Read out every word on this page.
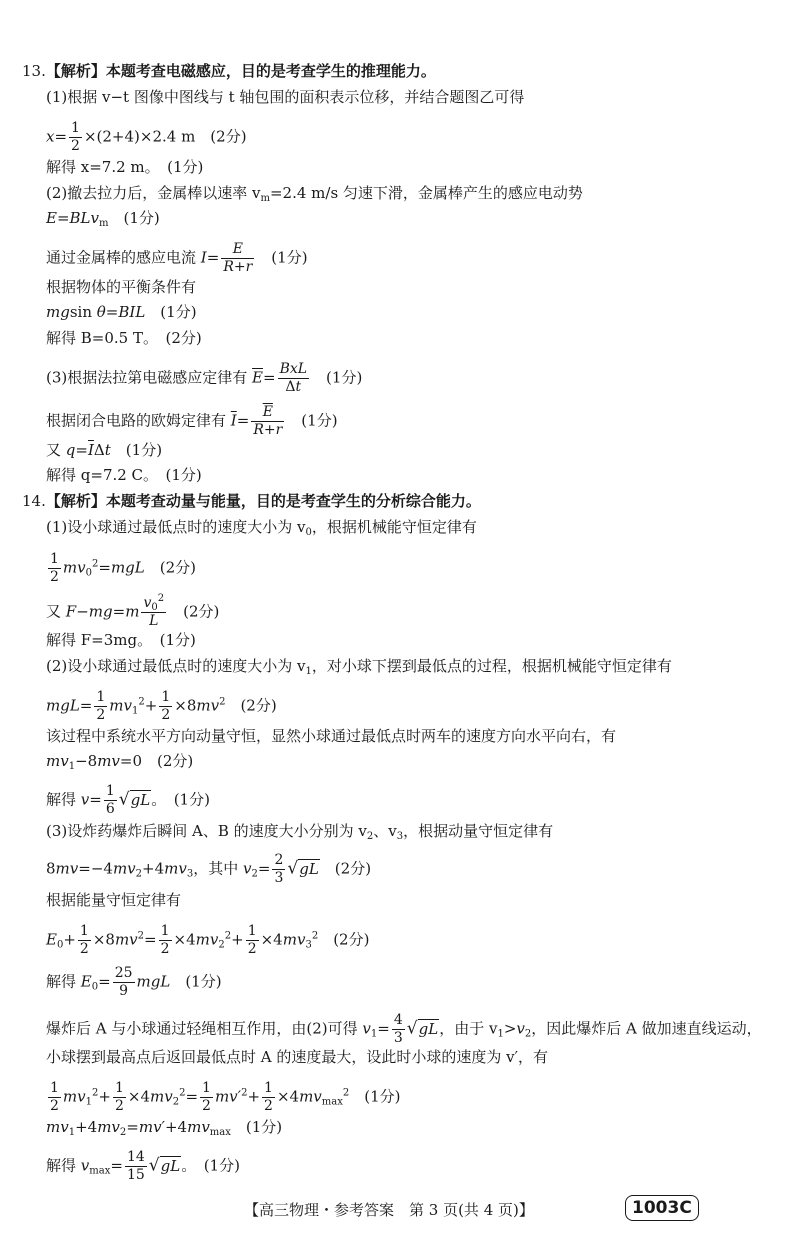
13.【解析】本题考查电磁感应，目的是考查学生的推理能力。
(1)根据 v−t 图像中图线与 t 轴包围的面积表示位移，并结合题图乙可得
$x= \frac{1}{2} \times(2+4)\times 2.4$ m　(2分)
解得 x=7.2 m。　(1分)
(2)撤去拉力后，金属棒以速率 $v_m=2.4$ m/s 匀速下滑，金属棒产生的感应电动势
E=BLv$_m$　(1分)
通过金属棒的感应电流 $I= \frac{E}{R+r}$ 　(1分)
根据物体的平衡条件有
mgsin θ=BIL　(1分)
解得 B=0.5 T。　(2分)
(3)根据法拉第电磁感应定律有 $\overline{E}=$ BxL
Δt
　(1分)
根据闭合电路的欧姆定律有 $\overline{I}= \frac{\overline{E}}{R+r}$ 　(1分)
又 $q=\overline{I}\Delta t$　(1分)
解得 q=7.2 C。　(1分)
14.【解析】本题考查动量与能量，目的是考查学生的分析综合能力。
(1)设小球通过最低点时的速度大小为 $v_0$，根据机械能守恒定律有
$\frac{1}{2} mv_0^2=mgL$　(2分)
又 $F-mg=m \frac{v_0^2}{L}$ 　(2分)
解得 F=3mg。　(1分)
(2)设小球通过最低点时的速度大小为 $v_1$，对小球下摆到最低点的过程，根据机械能守恒定律有
$mgL= \frac{1}{2} mv_1^2+ \frac{1}{2} \times 8mv^2$　(2分)
该过程中系统水平方向动量守恒，显然小球通过最低点时两车的速度方向水平向右，有
$mv_1-8mv=0$　(2分)
解得 $v= \frac{1}{6} √gL$。　(1分)
(3)设炸药爆炸后瞬间 A、B 的速度大小分别为 $v_2$、$v_3$，根据动量守恒定律有
$8mv=-4mv_2+4mv_3$，其中 $v_2= \frac{2}{3} √gL$　(2分)
根据能量守恒定律有
$E_0+ \frac{1}{2} \times 8mv^2= \frac{1}{2} \times 4mv_2^2+ \frac{1}{2} \times 4mv_3^2$　(2分)
解得 $E_0= \frac{25}{9}$ mgL　(1分)
爆炸后 A 与小球通过轻绳相互作用，由(2)可得 $v_1= \frac{4}{3} √gL$，由于 $v_1>v_2$，因此爆炸后 A 做加速直线运动，
小球摆到最高点后返回最低点时 A 的速度最大，设此时小球的速度为 v′，有
$\frac{1}{2} mv_1^2+ \frac{1}{2} \times 4mv_2^2= \frac{1}{2} mv'^2+ \frac{1}{2} \times 4mv_{max}^2$　(1分)
$mv_1+4mv_2=mv'+4mv_{max}$　(1分)
解得 $v_{max}= \frac{14}{15} √gL$。　(1分)
【高三物理・参考答案　第 3 页(共 4 页)】	1003C
